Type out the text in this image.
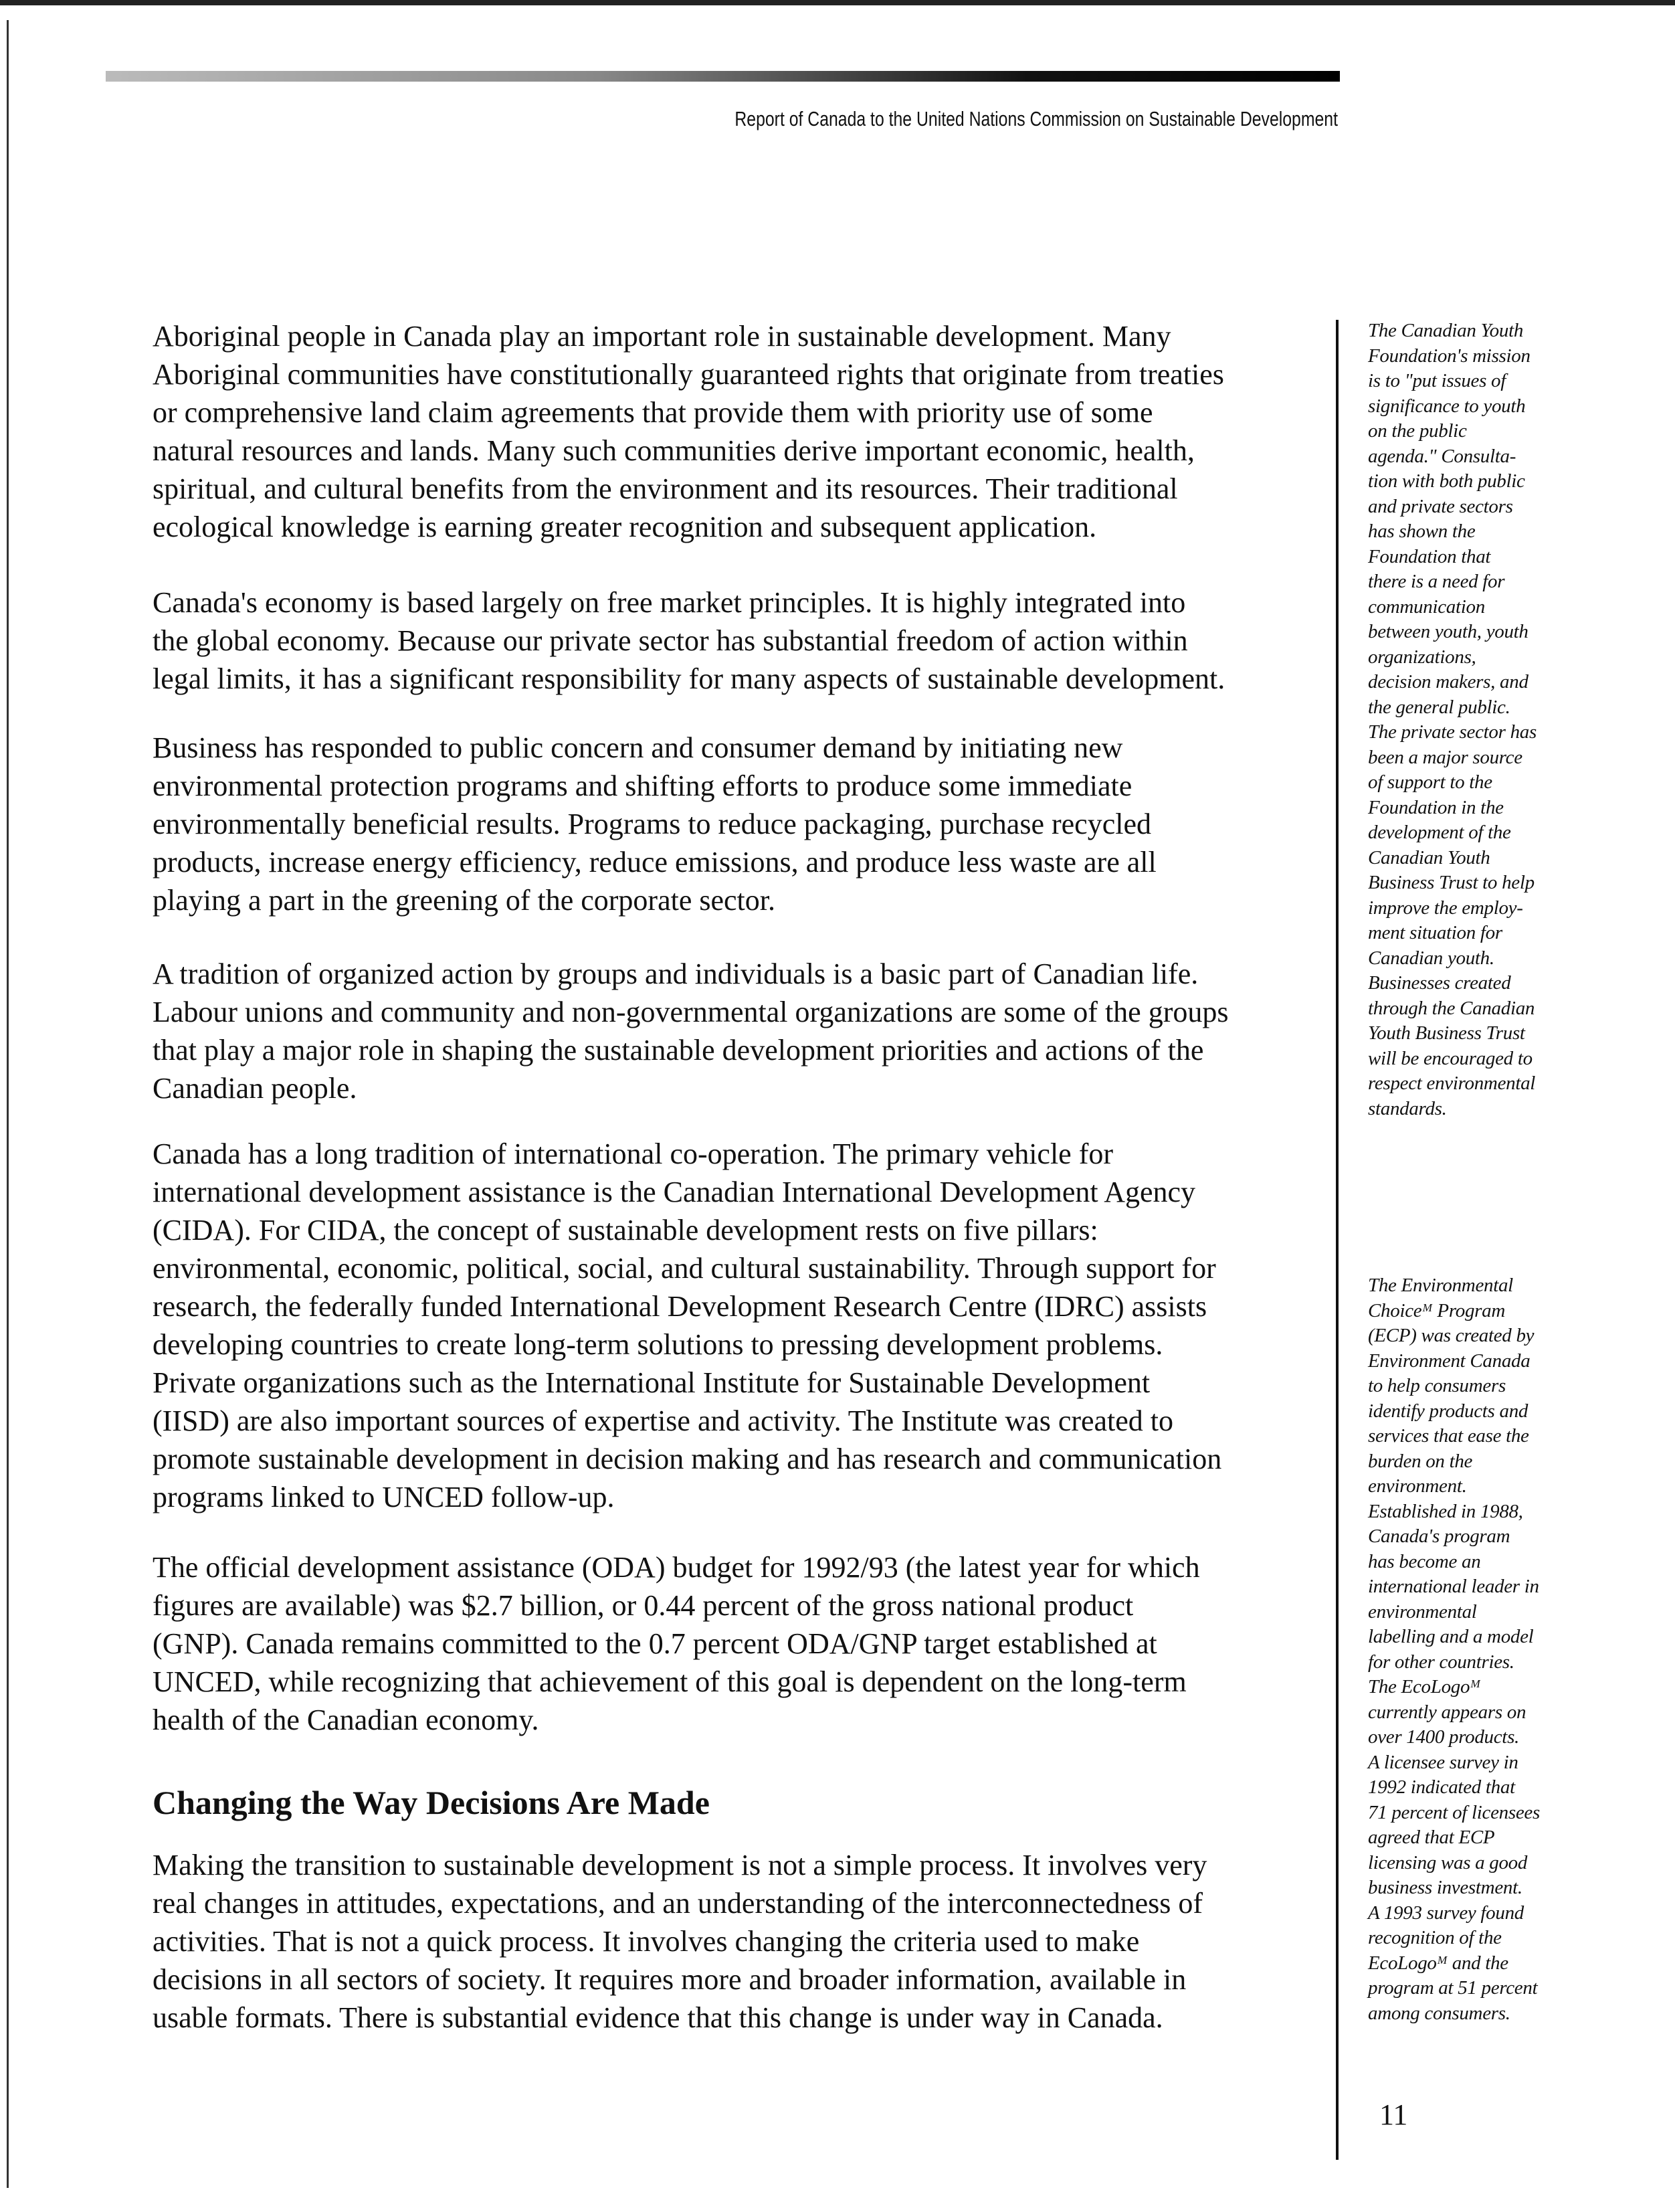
Report of Canada to the United Nations Commission on Sustainable Development
Aboriginal people in Canada play an important role in sustainable development. Many
Aboriginal communities have constitutionally guaranteed rights that originate from treaties
or comprehensive land claim agreements that provide them with priority use of some
natural resources and lands. Many such communities derive important economic, health,
spiritual, and cultural benefits from the environment and its resources. Their traditional
ecological knowledge is earning greater recognition and subsequent application.
Canada's economy is based largely on free market principles. It is highly integrated into
the global economy. Because our private sector has substantial freedom of action within
legal limits, it has a significant responsibility for many aspects of sustainable development.
Business has responded to public concern and consumer demand by initiating new
environmental protection programs and shifting efforts to produce some immediate
environmentally beneficial results. Programs to reduce packaging, purchase recycled
products, increase energy efficiency, reduce emissions, and produce less waste are all
playing a part in the greening of the corporate sector.
A tradition of organized action by groups and individuals is a basic part of Canadian life.
Labour unions and community and non-governmental organizations are some of the groups
that play a major role in shaping the sustainable development priorities and actions of the
Canadian people.
Canada has a long tradition of international co-operation. The primary vehicle for
international development assistance is the Canadian International Development Agency
(CIDA). For CIDA, the concept of sustainable development rests on five pillars:
environmental, economic, political, social, and cultural sustainability. Through support for
research, the federally funded International Development Research Centre (IDRC) assists
developing countries to create long-term solutions to pressing development problems.
Private organizations such as the International Institute for Sustainable Development
(IISD) are also important sources of expertise and activity. The Institute was created to
promote sustainable development in decision making and has research and communication
programs linked to UNCED follow-up.
The official development assistance (ODA) budget for 1992/93 (the latest year for which
figures are available) was $2.7 billion, or 0.44 percent of the gross national product
(GNP). Canada remains committed to the 0.7 percent ODA/GNP target established at
UNCED, while recognizing that achievement of this goal is dependent on the long-term
health of the Canadian economy.
Changing the Way Decisions Are Made
Making the transition to sustainable development is not a simple process. It involves very
real changes in attitudes, expectations, and an understanding of the interconnectedness of
activities. That is not a quick process. It involves changing the criteria used to make
decisions in all sectors of society. It requires more and broader information, available in
usable formats. There is substantial evidence that this change is under way in Canada.
The Canadian Youth
Foundation's mission
is to "put issues of
significance to youth
on the public
agenda." Consulta-
tion with both public
and private sectors
has shown the
Foundation that
there is a need for
communication
between youth, youth
organizations,
decision makers, and
the general public.
The private sector has
been a major source
of support to the
Foundation in the
development of the
Canadian Youth
Business Trust to help
improve the employ-
ment situation for
Canadian youth.
Businesses created
through the Canadian
Youth Business Trust
will be encouraged to
respect environmental
standards.
The Environmental
Choiceᴹ Program
(ECP) was created by
Environment Canada
to help consumers
identify products and
services that ease the
burden on the
environment.
Established in 1988,
Canada's program
has become an
international leader in
environmental
labelling and a model
for other countries.
The EcoLogoᴹ
currently appears on
over 1400 products.
A licensee survey in
1992 indicated that
71 percent of licensees
agreed that ECP
licensing was a good
business investment.
A 1993 survey found
recognition of the
EcoLogoᴹ and the
program at 51 percent
among consumers.
11
